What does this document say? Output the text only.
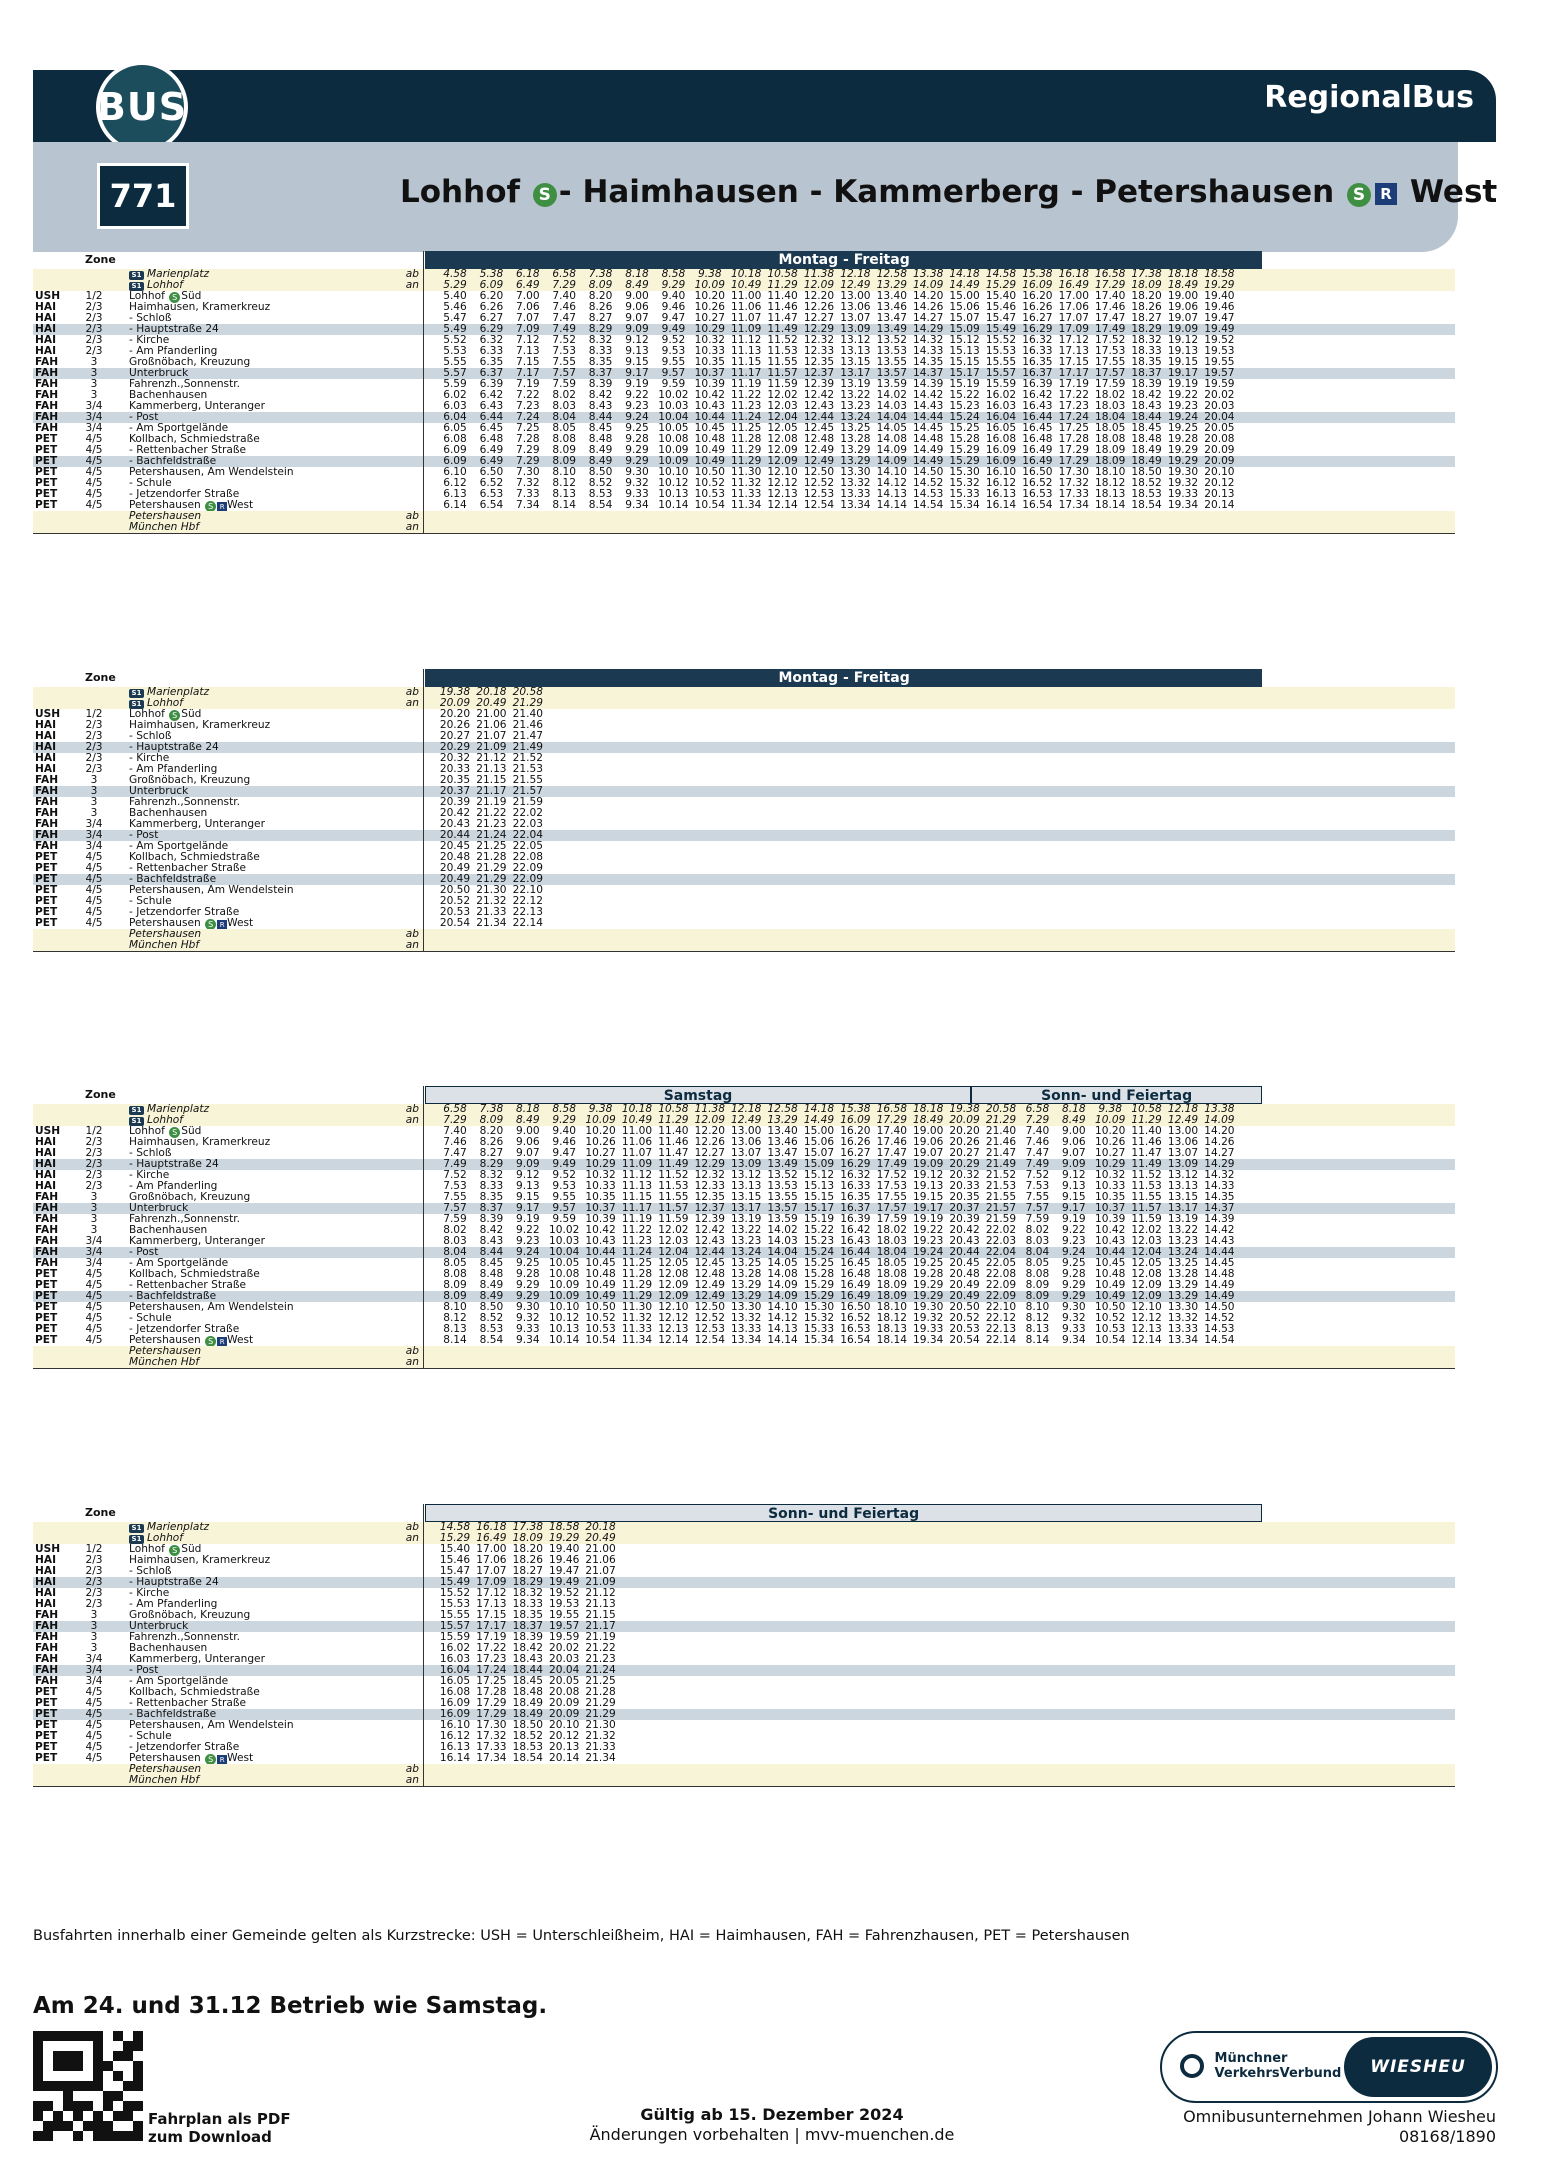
BUS	RegionalBus
771	Lohhof S - Haimhausen - Kammerberg - Petershausen S R West
Zone	Montag - Freitag
S1 Marienplatz	ab	4.58	5.38	6.18	6.58	7.38	8.18	8.58	9.38 10.18 10.58 11.38 12.18 12.58 13.38 14.18 14.58 15.38 16.18 16.58 17.38 18.18 18.58
S1 Lohhof	an	5.29	6.09	6.49	7.29	8.09	8.49	9.29 10.09 10.49 11.29 12.09 12.49 13.29 14.09 14.49 15.29 16.09 16.49 17.29 18.09 18.49 19.29
USH	1/2	Lohhof S Süd	5.40	6.20	7.00	7.40	8.20	9.00	9.40 10.20 11.00 11.40 12.20 13.00 13.40 14.20 15.00 15.40 16.20 17.00 17.40 18.20 19.00 19.40
HAI	2/3	Haimhausen, Kramerkreuz	5.46	6.26	7.06	7.46	8.26	9.06	9.46 10.26 11.06 11.46 12.26 13.06 13.46 14.26 15.06 15.46 16.26 17.06 17.46 18.26 19.06 19.46
HAI	2/3	- Schloß	5.47	6.27	7.07	7.47	8.27	9.07	9.47 10.27 11.07 11.47 12.27 13.07 13.47 14.27 15.07 15.47 16.27 17.07 17.47 18.27 19.07 19.47
HAI	2/3	- Hauptstraße 24	5.49	6.29	7.09	7.49	8.29	9.09	9.49 10.29 11.09 11.49 12.29 13.09 13.49 14.29 15.09 15.49 16.29 17.09 17.49 18.29 19.09 19.49
HAI	2/3	- Kirche	5.52	6.32	7.12	7.52	8.32	9.12	9.52 10.32 11.12 11.52 12.32 13.12 13.52 14.32 15.12 15.52 16.32 17.12 17.52 18.32 19.12 19.52
HAI	2/3	- Am Pfanderling	5.53	6.33	7.13	7.53	8.33	9.13	9.53 10.33 11.13 11.53 12.33 13.13 13.53 14.33 15.13 15.53 16.33 17.13 17.53 18.33 19.13 19.53
FAH	3	Großnöbach, Kreuzung	5.55	6.35	7.15	7.55	8.35	9.15	9.55 10.35 11.15 11.55 12.35 13.15 13.55 14.35 15.15 15.55 16.35 17.15 17.55 18.35 19.15 19.55
FAH	3	Unterbruck	5.57	6.37	7.17	7.57	8.37	9.17	9.57 10.37 11.17 11.57 12.37 13.17 13.57 14.37 15.17 15.57 16.37 17.17 17.57 18.37 19.17 19.57
FAH	3	Fahrenzh.,Sonnenstr.	5.59	6.39	7.19	7.59	8.39	9.19	9.59 10.39 11.19 11.59 12.39 13.19 13.59 14.39 15.19 15.59 16.39 17.19 17.59 18.39 19.19 19.59
FAH	3	Bachenhausen	6.02	6.42	7.22	8.02	8.42	9.22 10.02 10.42 11.22 12.02 12.42 13.22 14.02 14.42 15.22 16.02 16.42 17.22 18.02 18.42 19.22 20.02
FAH	3/4	Kammerberg, Unteranger	6.03	6.43	7.23	8.03	8.43	9.23 10.03 10.43 11.23 12.03 12.43 13.23 14.03 14.43 15.23 16.03 16.43 17.23 18.03 18.43 19.23 20.03
FAH	3/4	- Post	6.04	6.44	7.24	8.04	8.44	9.24 10.04 10.44 11.24 12.04 12.44 13.24 14.04 14.44 15.24 16.04 16.44 17.24 18.04 18.44 19.24 20.04
FAH	3/4	- Am Sportgelände	6.05	6.45	7.25	8.05	8.45	9.25 10.05 10.45 11.25 12.05 12.45 13.25 14.05 14.45 15.25 16.05 16.45 17.25 18.05 18.45 19.25 20.05
PET	4/5	Kollbach, Schmiedstraße	6.08	6.48	7.28	8.08	8.48	9.28 10.08 10.48 11.28 12.08 12.48 13.28 14.08 14.48 15.28 16.08 16.48 17.28 18.08 18.48 19.28 20.08
PET	4/5	- Rettenbacher Straße	6.09	6.49	7.29	8.09	8.49	9.29 10.09 10.49 11.29 12.09 12.49 13.29 14.09 14.49 15.29 16.09 16.49 17.29 18.09 18.49 19.29 20.09
PET	4/5	- Bachfeldstraße	6.09	6.49	7.29	8.09	8.49	9.29 10.09 10.49 11.29 12.09 12.49 13.29 14.09 14.49 15.29 16.09 16.49 17.29 18.09 18.49 19.29 20.09
PET	4/5	Petershausen, Am Wendelstein	6.10	6.50	7.30	8.10	8.50	9.30 10.10 10.50 11.30 12.10 12.50 13.30 14.10 14.50 15.30 16.10 16.50 17.30 18.10 18.50 19.30 20.10
PET	4/5	- Schule	6.12	6.52	7.32	8.12	8.52	9.32 10.12 10.52 11.32 12.12 12.52 13.32 14.12 14.52 15.32 16.12 16.52 17.32 18.12 18.52 19.32 20.12
PET	4/5	- Jetzendorfer Straße	6.13	6.53	7.33	8.13	8.53	9.33 10.13 10.53 11.33 12.13 12.53 13.33 14.13 14.53 15.33 16.13 16.53 17.33 18.13 18.53 19.33 20.13
PET	4/5	Petershausen S R West	6.14	6.54	7.34	8.14	8.54	9.34 10.14 10.54 11.34 12.14 12.54 13.34 14.14 14.54 15.34 16.14 16.54 17.34 18.14 18.54 19.34 20.14
Petershausen	ab
München Hbf	an
Zone	Montag - Freitag
S1 Marienplatz	ab 19.38 20.18 20.58
S1 Lohhof	an 20.09 20.49 21.29
USH	1/2	Lohhof S Süd	20.20 21.00 21.40
HAI	2/3	Haimhausen, Kramerkreuz	20.26 21.06 21.46
HAI	2/3	- Schloß	20.27 21.07 21.47
HAI	2/3	- Hauptstraße 24	20.29 21.09 21.49
HAI	2/3	- Kirche	20.32 21.12 21.52
HAI	2/3	- Am Pfanderling	20.33 21.13 21.53
FAH	3	Großnöbach, Kreuzung	20.35 21.15 21.55
FAH	3	Unterbruck	20.37 21.17 21.57
FAH	3	Fahrenzh.,Sonnenstr.	20.39 21.19 21.59
FAH	3	Bachenhausen	20.42 21.22 22.02
FAH	3/4	Kammerberg, Unteranger	20.43 21.23 22.03
FAH	3/4	- Post	20.44 21.24 22.04
FAH	3/4	- Am Sportgelände	20.45 21.25 22.05
PET	4/5	Kollbach, Schmiedstraße	20.48 21.28 22.08
PET	4/5	- Rettenbacher Straße	20.49 21.29 22.09
PET	4/5	- Bachfeldstraße	20.49 21.29 22.09
PET	4/5	Petershausen, Am Wendelstein	20.50 21.30 22.10
PET	4/5	- Schule	20.52 21.32 22.12
PET	4/5	- Jetzendorfer Straße	20.53 21.33 22.13
PET	4/5	Petershausen S R West	20.54 21.34 22.14
Petershausen	ab
München Hbf	an
Zone	Samstag	Sonn- und Feiertag
S1 Marienplatz	ab	6.58	7.38	8.18	8.58	9.38 10.18 10.58 11.38 12.18 12.58 14.18 15.38 16.58 18.18 19.38 20.58 6.58	8.18	9.38 10.58 12.18 13.38
S1 Lohhof	an	7.29	8.09	8.49	9.29 10.09 10.49 11.29 12.09 12.49 13.29 14.49 16.09 17.29 18.49 20.09 21.29 7.29	8.49 10.09 11.29 12.49 14.09
USH	1/2	Lohhof S Süd	7.40	8.20	9.00	9.40 10.20 11.00 11.40 12.20 13.00 13.40 15.00 16.20 17.40 19.00 20.20 21.40 7.40	9.00 10.20 11.40 13.00 14.20
HAI	2/3	Haimhausen, Kramerkreuz	7.46	8.26	9.06	9.46 10.26 11.06 11.46 12.26 13.06 13.46 15.06 16.26 17.46 19.06 20.26 21.46 7.46	9.06 10.26 11.46 13.06 14.26
HAI	2/3	- Schloß	7.47	8.27	9.07	9.47 10.27 11.07 11.47 12.27 13.07 13.47 15.07 16.27 17.47 19.07 20.27 21.47 7.47	9.07 10.27 11.47 13.07 14.27
HAI	2/3	- Hauptstraße 24	7.49	8.29	9.09	9.49 10.29 11.09 11.49 12.29 13.09 13.49 15.09 16.29 17.49 19.09 20.29 21.49 7.49	9.09 10.29 11.49 13.09 14.29
HAI	2/3	- Kirche	7.52	8.32	9.12	9.52 10.32 11.12 11.52 12.32 13.12 13.52 15.12 16.32 17.52 19.12 20.32 21.52 7.52	9.12 10.32 11.52 13.12 14.32
HAI	2/3	- Am Pfanderling	7.53	8.33	9.13	9.53 10.33 11.13 11.53 12.33 13.13 13.53 15.13 16.33 17.53 19.13 20.33 21.53 7.53	9.13 10.33 11.53 13.13 14.33
FAH	3	Großnöbach, Kreuzung	7.55	8.35	9.15	9.55 10.35 11.15 11.55 12.35 13.15 13.55 15.15 16.35 17.55 19.15 20.35 21.55 7.55	9.15 10.35 11.55 13.15 14.35
FAH	3	Unterbruck	7.57	8.37	9.17	9.57 10.37 11.17 11.57 12.37 13.17 13.57 15.17 16.37 17.57 19.17 20.37 21.57 7.57	9.17 10.37 11.57 13.17 14.37
FAH	3	Fahrenzh.,Sonnenstr.	7.59	8.39	9.19	9.59 10.39 11.19 11.59 12.39 13.19 13.59 15.19 16.39 17.59 19.19 20.39 21.59 7.59	9.19 10.39 11.59 13.19 14.39
FAH	3	Bachenhausen	8.02	8.42	9.22 10.02 10.42 11.22 12.02 12.42 13.22 14.02 15.22 16.42 18.02 19.22 20.42 22.02 8.02	9.22 10.42 12.02 13.22 14.42
FAH	3/4	Kammerberg, Unteranger	8.03	8.43	9.23 10.03 10.43 11.23 12.03 12.43 13.23 14.03 15.23 16.43 18.03 19.23 20.43 22.03 8.03	9.23 10.43 12.03 13.23 14.43
FAH	3/4	- Post	8.04	8.44	9.24 10.04 10.44 11.24 12.04 12.44 13.24 14.04 15.24 16.44 18.04 19.24 20.44 22.04 8.04	9.24 10.44 12.04 13.24 14.44
FAH	3/4	- Am Sportgelände	8.05	8.45	9.25 10.05 10.45 11.25 12.05 12.45 13.25 14.05 15.25 16.45 18.05 19.25 20.45 22.05 8.05	9.25 10.45 12.05 13.25 14.45
PET	4/5	Kollbach, Schmiedstraße	8.08	8.48	9.28 10.08 10.48 11.28 12.08 12.48 13.28 14.08 15.28 16.48 18.08 19.28 20.48 22.08 8.08	9.28 10.48 12.08 13.28 14.48
PET	4/5	- Rettenbacher Straße	8.09	8.49	9.29 10.09 10.49 11.29 12.09 12.49 13.29 14.09 15.29 16.49 18.09 19.29 20.49 22.09 8.09	9.29 10.49 12.09 13.29 14.49
PET	4/5	- Bachfeldstraße	8.09	8.49	9.29 10.09 10.49 11.29 12.09 12.49 13.29 14.09 15.29 16.49 18.09 19.29 20.49 22.09 8.09	9.29 10.49 12.09 13.29 14.49
PET	4/5	Petershausen, Am Wendelstein	8.10	8.50	9.30 10.10 10.50 11.30 12.10 12.50 13.30 14.10 15.30 16.50 18.10 19.30 20.50 22.10 8.10	9.30 10.50 12.10 13.30 14.50
PET	4/5	- Schule	8.12	8.52	9.32 10.12 10.52 11.32 12.12 12.52 13.32 14.12 15.32 16.52 18.12 19.32 20.52 22.12 8.12	9.32 10.52 12.12 13.32 14.52
PET	4/5	- Jetzendorfer Straße	8.13	8.53	9.33 10.13 10.53 11.33 12.13 12.53 13.33 14.13 15.33 16.53 18.13 19.33 20.53 22.13 8.13	9.33 10.53 12.13 13.33 14.53
PET	4/5	Petershausen S R West	8.14	8.54	9.34 10.14 10.54 11.34 12.14 12.54 13.34 14.14 15.34 16.54 18.14 19.34 20.54 22.14 8.14	9.34 10.54 12.14 13.34 14.54
Petershausen	ab
München Hbf	an
Zone	Sonn- und Feiertag
S1 Marienplatz	ab 14.58 16.18 17.38 18.58 20.18
S1 Lohhof	an 15.29 16.49 18.09 19.29 20.49
USH	1/2	Lohhof S Süd	15.40 17.00 18.20 19.40 21.00
HAI	2/3	Haimhausen, Kramerkreuz	15.46 17.06 18.26 19.46 21.06
HAI	2/3	- Schloß	15.47 17.07 18.27 19.47 21.07
HAI	2/3	- Hauptstraße 24	15.49 17.09 18.29 19.49 21.09
HAI	2/3	- Kirche	15.52 17.12 18.32 19.52 21.12
HAI	2/3	- Am Pfanderling	15.53 17.13 18.33 19.53 21.13
FAH	3	Großnöbach, Kreuzung	15.55 17.15 18.35 19.55 21.15
FAH	3	Unterbruck	15.57 17.17 18.37 19.57 21.17
FAH	3	Fahrenzh.,Sonnenstr.	15.59 17.19 18.39 19.59 21.19
FAH	3	Bachenhausen	16.02 17.22 18.42 20.02 21.22
FAH	3/4	Kammerberg, Unteranger	16.03 17.23 18.43 20.03 21.23
FAH	3/4	- Post	16.04 17.24 18.44 20.04 21.24
FAH	3/4	- Am Sportgelände	16.05 17.25 18.45 20.05 21.25
PET	4/5	Kollbach, Schmiedstraße	16.08 17.28 18.48 20.08 21.28
PET	4/5	- Rettenbacher Straße	16.09 17.29 18.49 20.09 21.29
PET	4/5	- Bachfeldstraße	16.09 17.29 18.49 20.09 21.29
PET	4/5	Petershausen, Am Wendelstein	16.10 17.30 18.50 20.10 21.30
PET	4/5	- Schule	16.12 17.32 18.52 20.12 21.32
PET	4/5	- Jetzendorfer Straße	16.13 17.33 18.53 20.13 21.33
PET	4/5	Petershausen S R West	16.14 17.34 18.54 20.14 21.34
Petershausen	ab
München Hbf	an
Busfahrten innerhalb einer Gemeinde gelten als Kurzstrecke: USH = Unterschleißheim, HAI = Haimhausen, FAH = Fahrenzhausen, PET = Petershausen
Am 24. und 31.12 Betrieb wie Samstag.
Fahrplan als PDF
zum Download
Gültig ab 15. Dezember 2024
Änderungen vorbehalten | mvv-muenchen.de

Münchner
VerkehrsVerbund	WIESHEU
Omnibusunternehmen Johann Wiesheu
08168/1890
